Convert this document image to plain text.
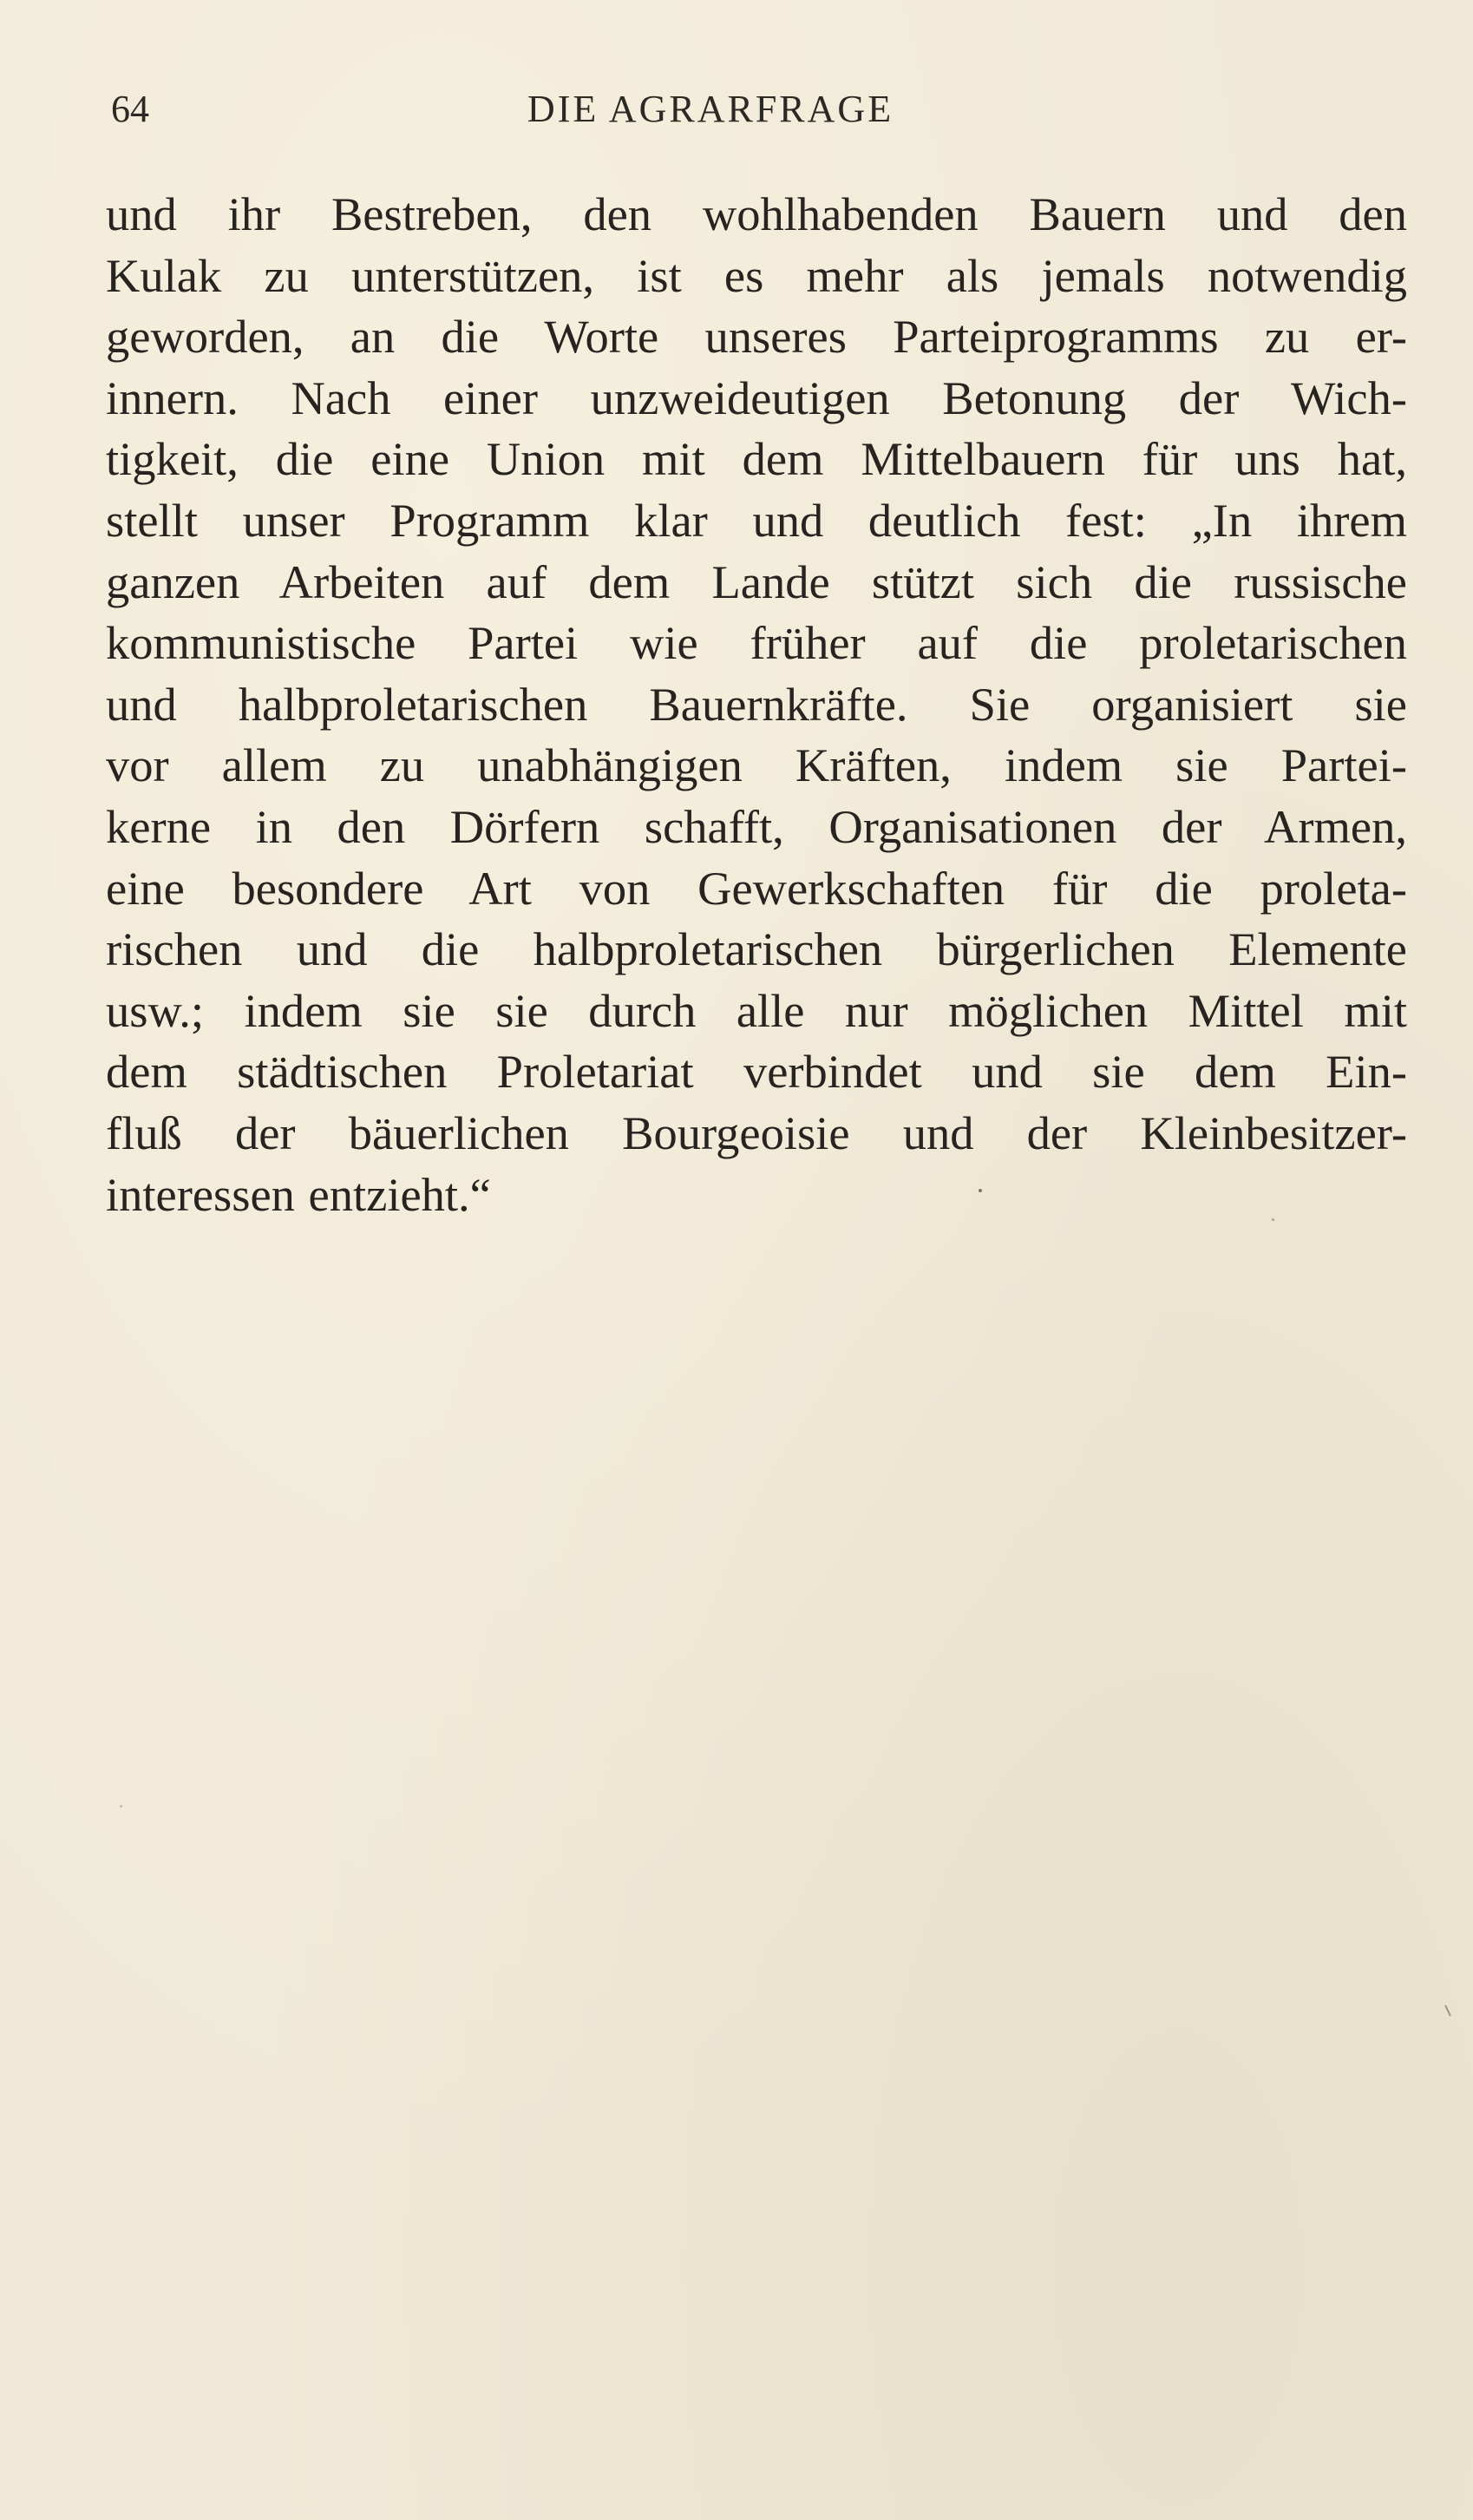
64	DIE AGRARFRAGE
und ihr Bestreben, den wohlhabenden Bauern und den
Kulak zu unterstützen, ist es mehr als jemals notwendig
geworden, an die Worte unseres Parteiprogramms zu er-
innern. Nach einer unzweideutigen Betonung der Wich-
tigkeit, die eine Union mit dem Mittelbauern für uns hat,
stellt unser Programm klar und deutlich fest: „In ihrem
ganzen Arbeiten auf dem Lande stützt sich die russische
kommunistische Partei wie früher auf die proletarischen
und halbproletarischen Bauernkräfte. Sie organisiert sie
vor allem zu unabhängigen Kräften, indem sie Partei-
kerne in den Dörfern schafft, Organisationen der Armen,
eine besondere Art von Gewerkschaften für die proleta-
rischen und die halbproletarischen bürgerlichen Elemente
usw.; indem sie sie durch alle nur möglichen Mittel mit
dem städtischen Proletariat verbindet und sie dem Ein-
fluß der bäuerlichen Bourgeoisie und der Kleinbesitzer-
interessen entzieht.“
